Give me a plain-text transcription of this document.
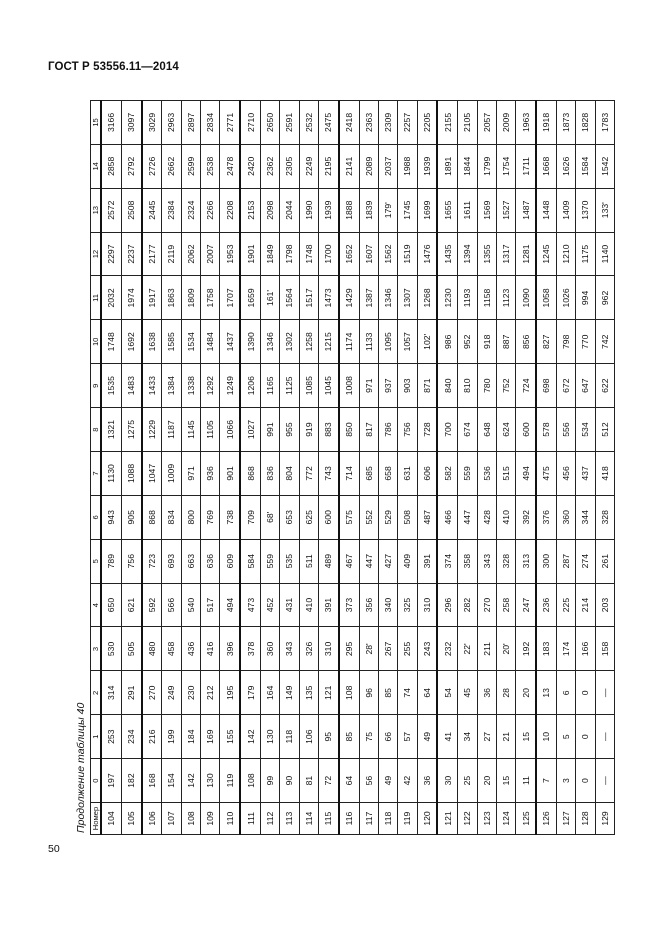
ГОСТ Р 53556.11—2014
Продолжение таблицы 40 Номер	0	1	2	3	4	5	6	7	8	9	10	11	12	13	14	15
104	197	253	314	530	650	789	943	1130	1321	1535	1748	2032	2297	2572	2858	3166
105	182	234	291	505	621	756	905	1088	1275	1483	1692	1974	2237	2508	2792	3097
106	168	216	270	480	592	723	868	1047	1229	1433	1638	1917	2177	2445	2726	3029
107	154	199	249	458	566	693	834	1009	1187	1384	1585	1863	2119	2384	2662	2963
108	142	184	230	436	540	663	800	971	1145	1338	1534	1809	2062	2324	2599	2897
109	130	169	212	416	517	636	769	936	1105	1292	1484	1758	2007	2266	2538	2834
110	119	155	195	396	494	609	738	901	1066	1249	1437	1707	1953	2208	2478	2771
111	108	142	179	378	473	584	709	868	1027	1206	1390	1659	1901	2153	2420	2710
112	99	130	164	360	452	559	68'	836	991	1165	1346	161'	1849	2098	2362	2650
113	90	118	149	343	431	535	653	804	955	1125	1302	1564	1798	2044	2305	2591
114	81	106	135	326	410	511	625	772	919	1085	1258	1517	1748	1990	2249	2532
115	72	95	121	310	391	489	600	743	883	1045	1215	1473	1700	1939	2195	2475
116	64	85	108	295	373	467	575	714	850	1008	1174	1429	1652	1888	2141	2418
117	56	75	96	28'	356	447	552	685	817	971	1133	1387	1607	1839	2089	2363
118	49	66	85	267	340	427	529	658	786	937	1095	1346	1562	179'	2037	2309
119	42	57	74	255	325	409	508	631	756	903	1057	1307	1519	1745	1988	2257
120	36	49	64	243	310	391	487	606	728	871	102'	1268	1476	1699	1939	2205
121	30	41	54	232	296	374	466	582	700	840	986	1230	1435	1655	1891	2155
122	25	34	45	22'	282	358	447	559	674	810	952	1193	1394	1611	1844	2105
123	20	27	36	211	270	343	428	536	648	780	918	1158	1355	1569	1799	2057
124	15	21	28	20'	258	328	410	515	624	752	887	1123	1317	1527	1754	2009
125	11	15	20	192	247	313	392	494	600	724	856	1090	1281	1487	1711	1963
126	7	10	13	183	236	300	376	475	578	698	827	1058	1245	1448	1668	1918
127	3	5	6	174	225	287	360	456	556	672	798	1026	1210	1409	1626	1873
128	0	0	0	166	214	274	344	437	534	647	770	994	1175	1370	1584	1828
129	—	—	—	158	203	261	328	418	512	622	742	962	1140	133'	1542	1783
50
